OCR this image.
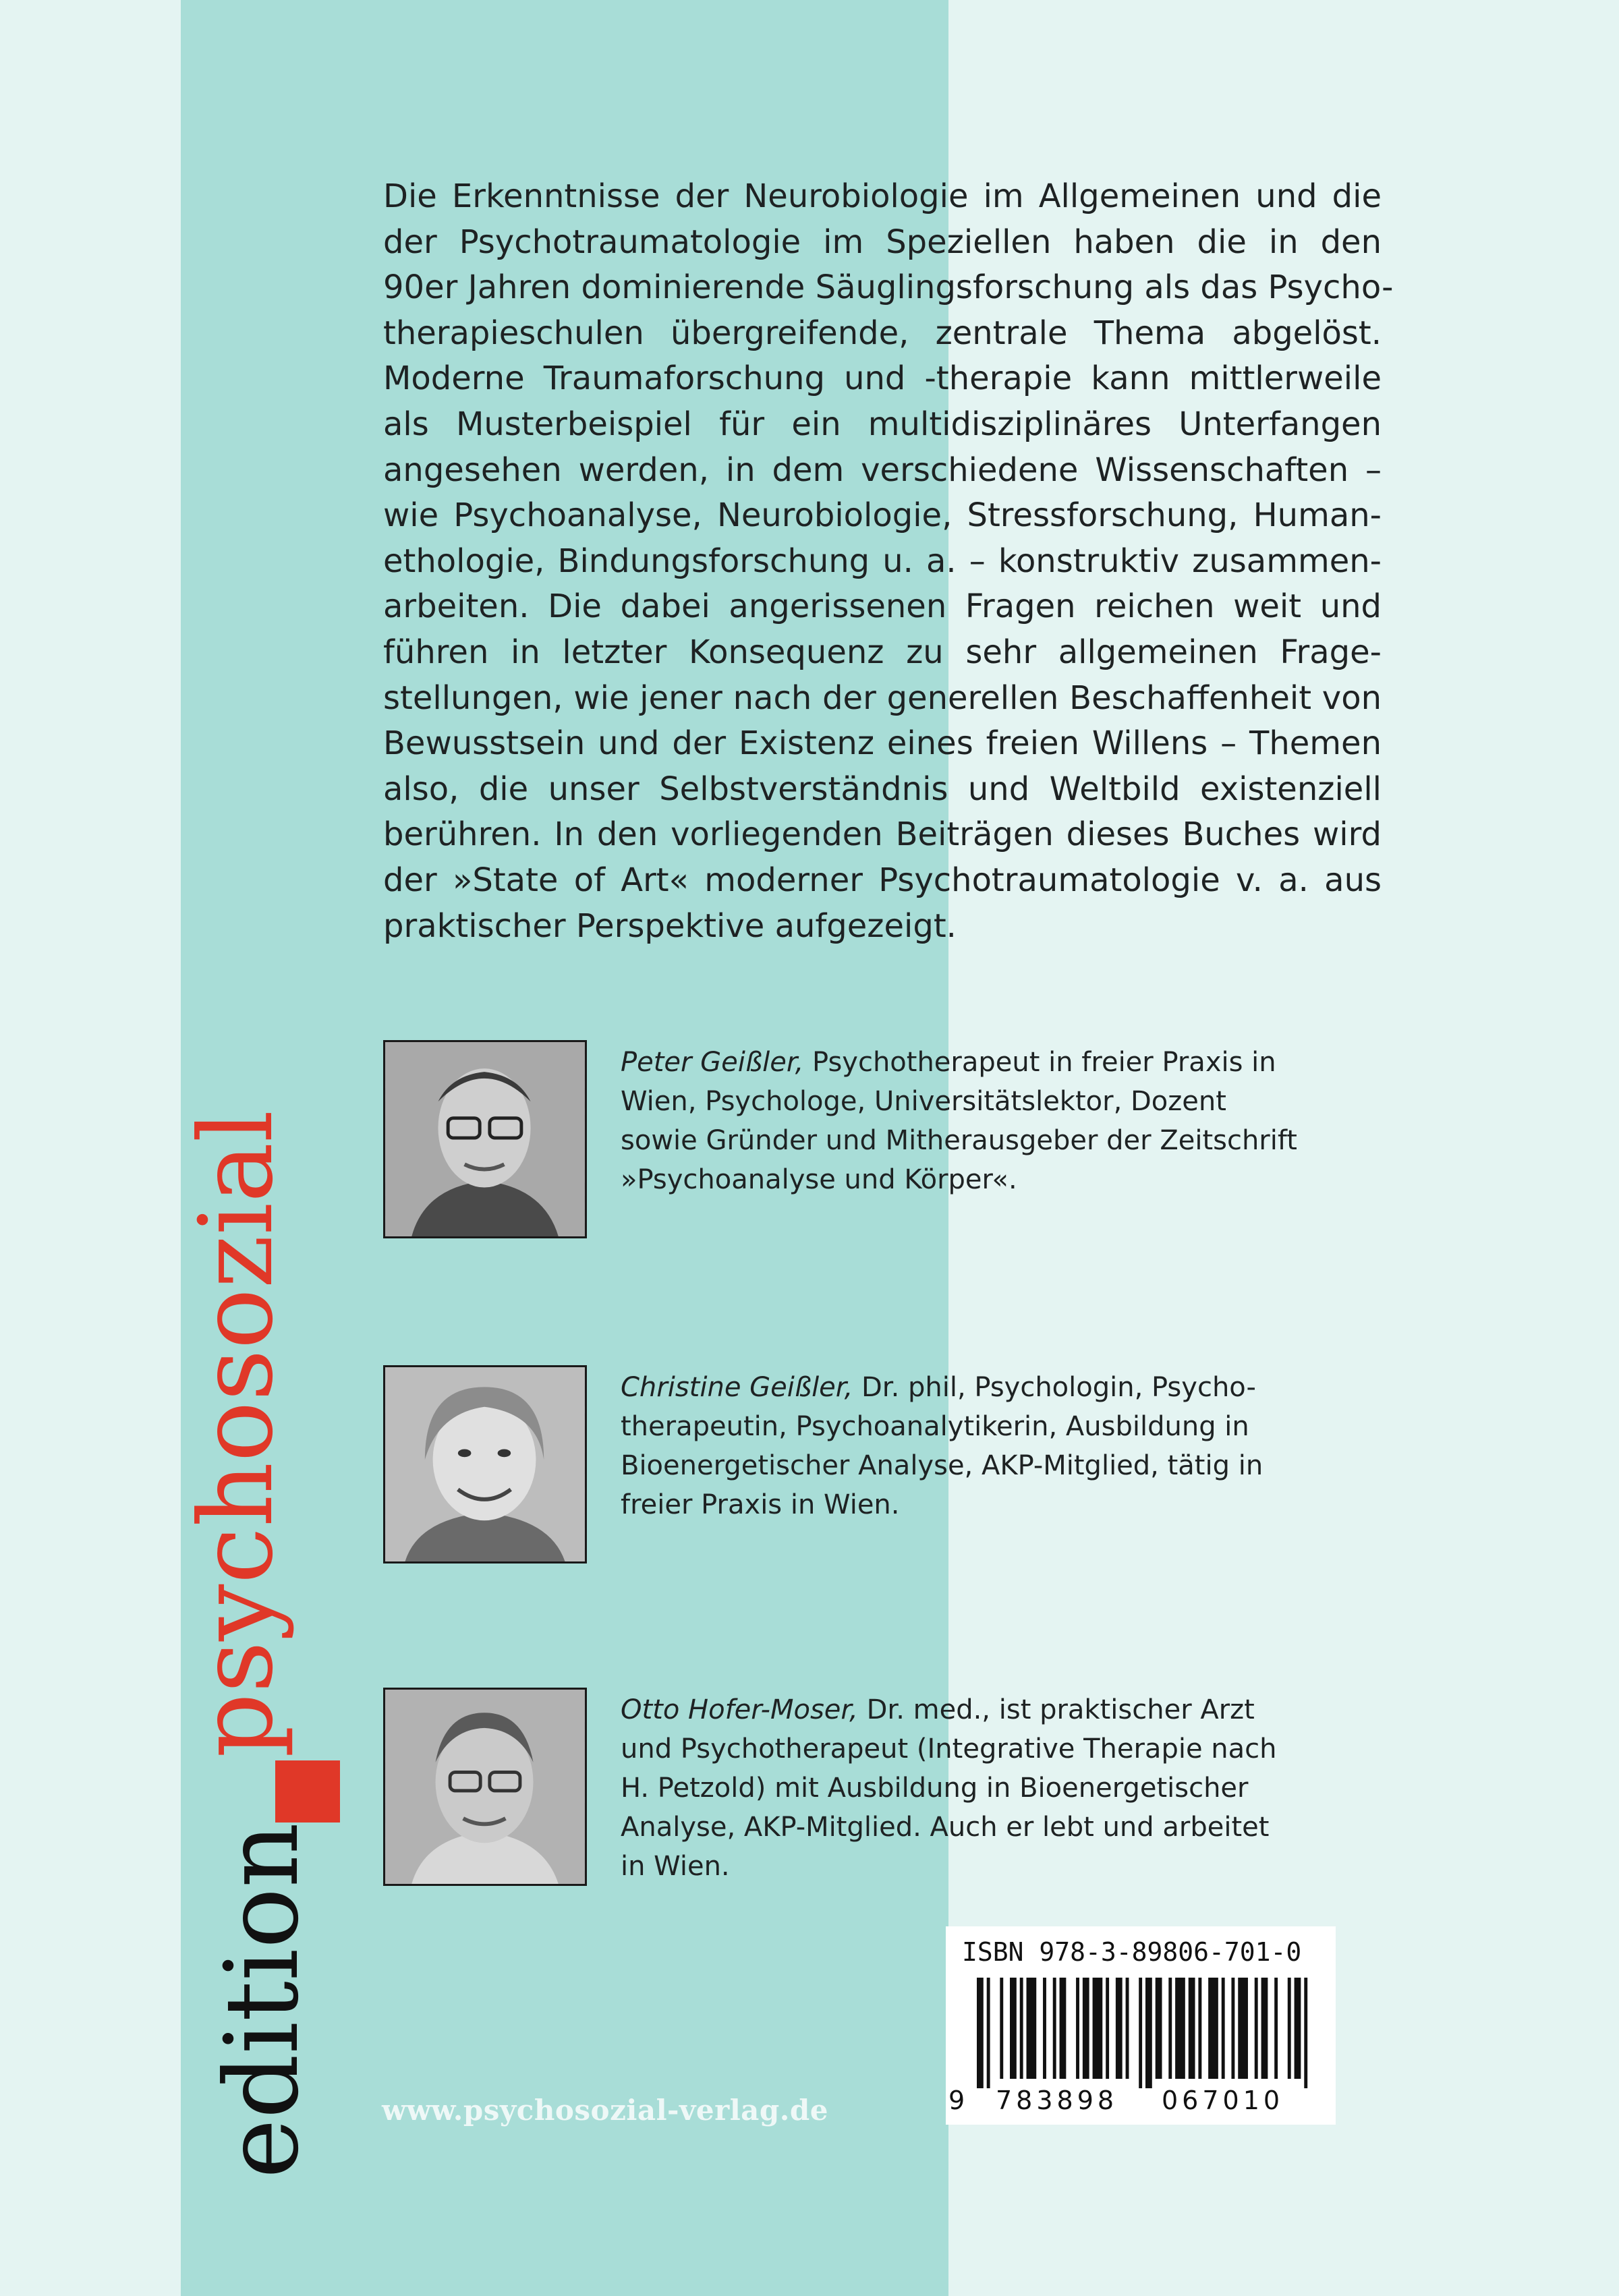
Die Erkenntnisse der Neurobiologie im Allgemeinen und die
der Psychotraumatologie im Speziellen haben die in den
90er Jahren dominierende Säuglingsforschung als das Psycho-
therapieschulen übergreifende, zentrale Thema abgelöst.
Moderne Traumaforschung und -therapie kann mittlerweile
als Musterbeispiel für ein multidisziplinäres Unterfangen
angesehen werden, in dem verschiedene Wissenschaften –
wie Psychoanalyse, Neurobiologie, Stressforschung, Human-
ethologie, Bindungsforschung u. a. – konstruktiv zusammen-
arbeiten. Die dabei angerissenen Fragen reichen weit und
führen in letzter Konsequenz zu sehr allgemeinen Frage-
stellungen, wie jener nach der generellen Beschaffenheit von
Bewusstsein und der Existenz eines freien Willens – Themen
also, die unser Selbstverständnis und Weltbild existenziell
berühren. In den vorliegenden Beiträgen dieses Buches wird
der »State of Art« moderner Psychotraumatologie v. a. aus
praktischer Perspektive aufgezeigt.
Peter Geißler, Psychotherapeut in freier Praxis in
Wien, Psychologe, Universitätslektor, Dozent
sowie Gründer und Mitherausgeber der Zeitschrift
»Psychoanalyse und Körper«.
Christine Geißler, Dr. phil, Psychologin, Psycho-
therapeutin, Psychoanalytikerin, Ausbildung in
Bioenergetischer Analyse, AKP-Mitglied, tätig in
freier Praxis in Wien.
Otto Hofer-Moser, Dr. med., ist praktischer Arzt
und Psychotherapeut (Integrative Therapie nach
H. Petzold) mit Ausbildung in Bioenergetischer
Analyse, AKP-Mitglied. Auch er lebt und arbeitet
in Wien.
edition
psychosozial
www.psychosozial-verlag.de
ISBN 978-3-89806-701-0
9 783898 067010
